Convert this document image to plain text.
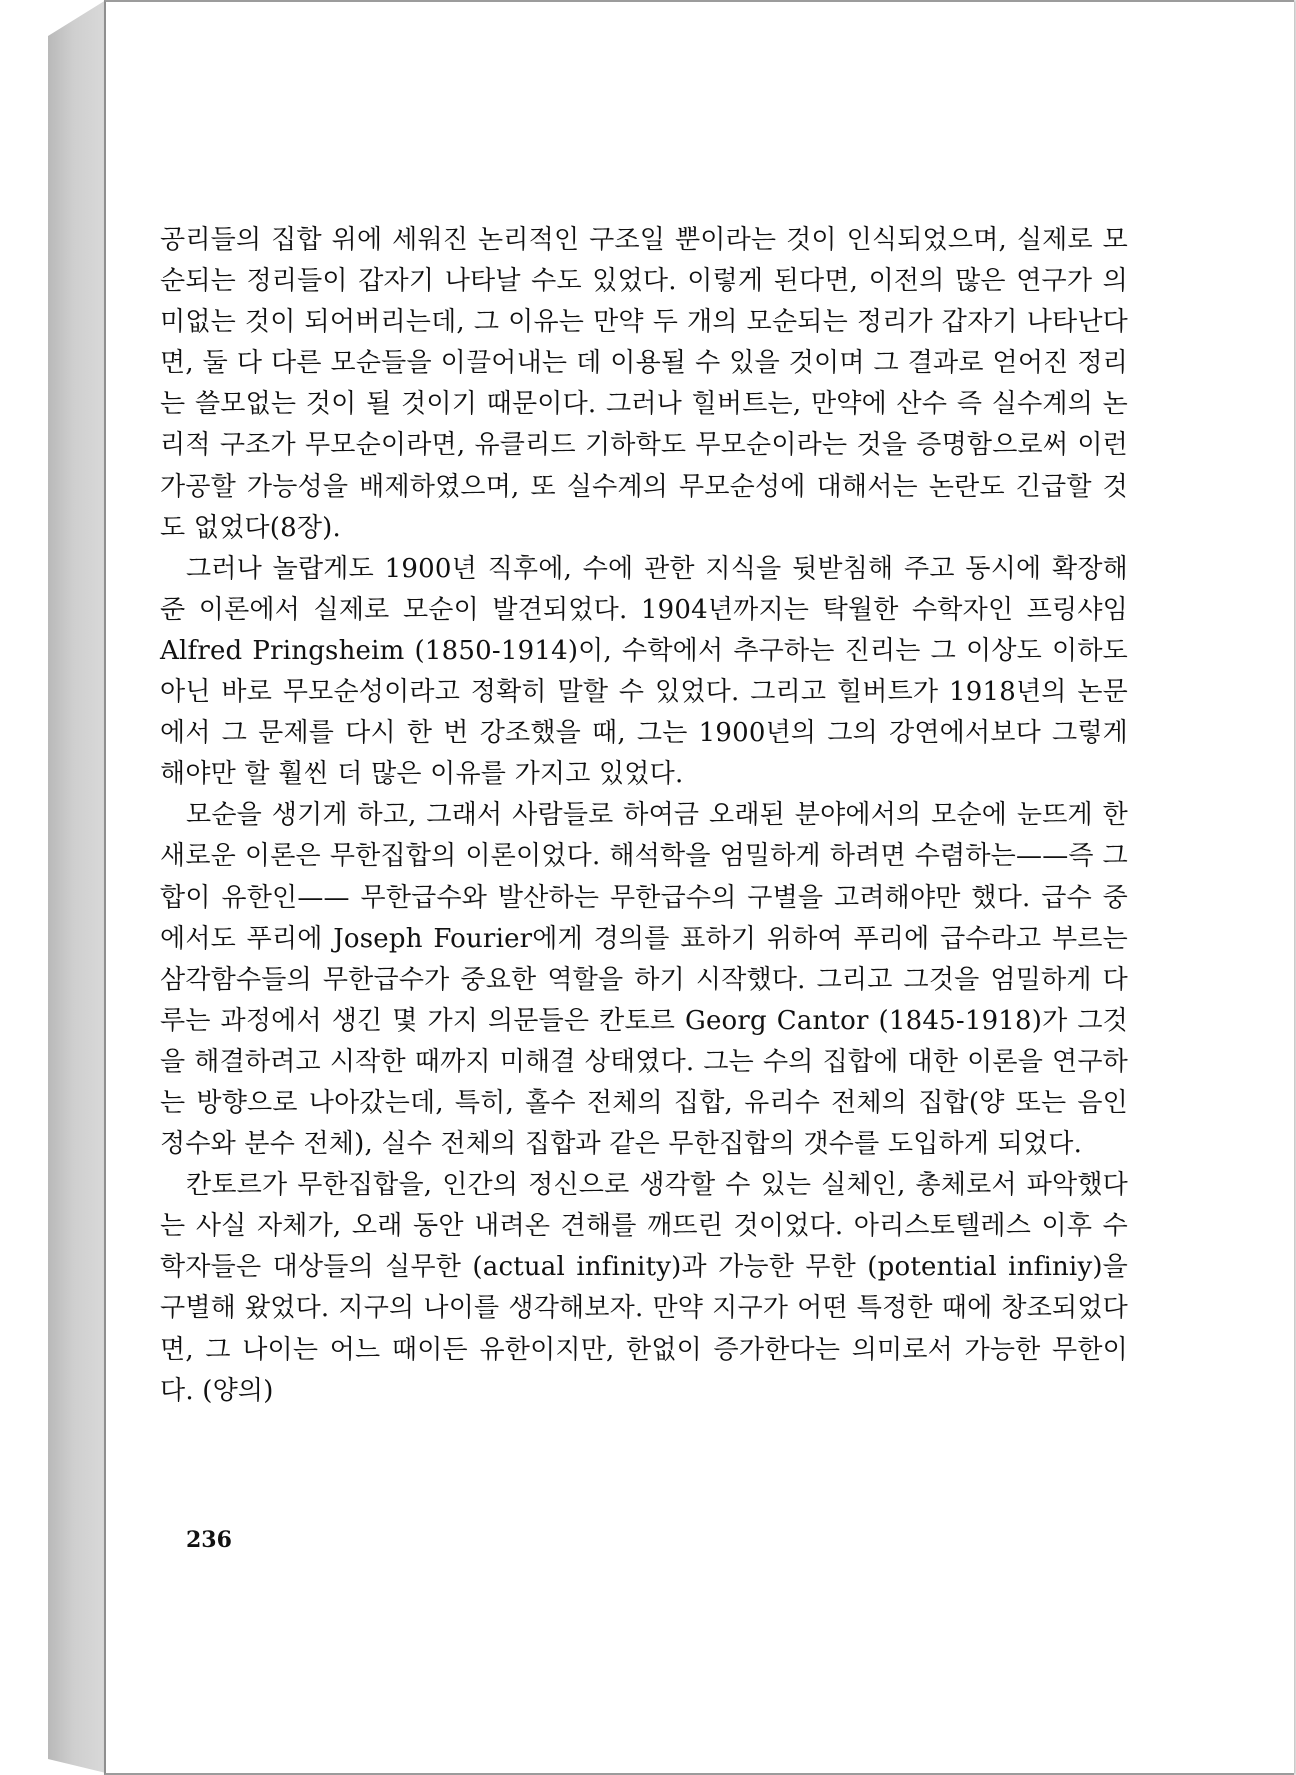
공리들의 집합 위에 세워진 논리적인 구조일 뿐이라는 것이 인식되었으며, 실제로 모순되는 정리들이 갑자기 나타날 수도 있었다. 이렇게 된다면, 이전의 많은 연구가 의미없는 것이 되어버리는데, 그 이유는 만약 두 개의 모순되는 정리가 갑자기 나타난다면, 둘 다 다른 모순들을 이끌어내는 데 이용될 수 있을 것이며 그 결과로 얻어진 정리는 쓸모없는 것이 될 것이기 때문이다. 그러나 힐버트는, 만약에 산수 즉 실수계의 논리적 구조가 무모순이라면, 유클리드 기하학도 무모순이라는 것을 증명함으로써 이런 가공할 가능성을 배제하였으며, 또 실수계의 무모순성에 대해서는 논란도 긴급할 것도 없었다(8장).

그러나 놀랍게도 1900년 직후에, 수에 관한 지식을 뒷받침해 주고 동시에 확장해 준 이론에서 실제로 모순이 발견되었다. 1904년까지는 탁월한 수학자인 프링샤임 Alfred Pringsheim (1850-1914)이, 수학에서 추구하는 진리는 그 이상도 이하도 아닌 바로 무모순성이라고 정확히 말할 수 있었다. 그리고 힐버트가 1918년의 논문에서 그 문제를 다시 한 번 강조했을 때, 그는 1900년의 그의 강연에서보다 그렇게 해야만 할 훨씬 더 많은 이유를 가지고 있었다.

모순을 생기게 하고, 그래서 사람들로 하여금 오래된 분야에서의 모순에 눈뜨게 한 새로운 이론은 무한집합의 이론이었다. 해석학을 엄밀하게 하려면 수렴하는——즉 그 합이 유한인—— 무한급수와 발산하는 무한급수의 구별을 고려해야만 했다. 급수 중에서도 푸리에 Joseph Fourier에게 경의를 표하기 위하여 푸리에 급수라고 부르는 삼각함수들의 무한급수가 중요한 역할을 하기 시작했다. 그리고 그것을 엄밀하게 다루는 과정에서 생긴 몇 가지 의문들은 칸토르 Georg Cantor (1845-1918)가 그것을 해결하려고 시작한 때까지 미해결 상태였다. 그는 수의 집합에 대한 이론을 연구하는 방향으로 나아갔는데, 특히, 홀수 전체의 집합, 유리수 전체의 집합(양 또는 음인 정수와 분수 전체), 실수 전체의 집합과 같은 무한집합의 갯수를 도입하게 되었다.

칸토르가 무한집합을, 인간의 정신으로 생각할 수 있는 실체인, 총체로서 파악했다는 사실 자체가, 오래 동안 내려온 견해를 깨뜨린 것이었다. 아리스토텔레스 이후 수학자들은 대상들의 실무한 (actual infinity)과 가능한 무한 (potential infiniy)을 구별해 왔었다. 지구의 나이를 생각해보자. 만약 지구가 어떤 특정한 때에 창조되었다면, 그 나이는 어느 때이든 유한이지만, 한없이 증가한다는 의미로서 가능한 무한이다. (양의)

236
